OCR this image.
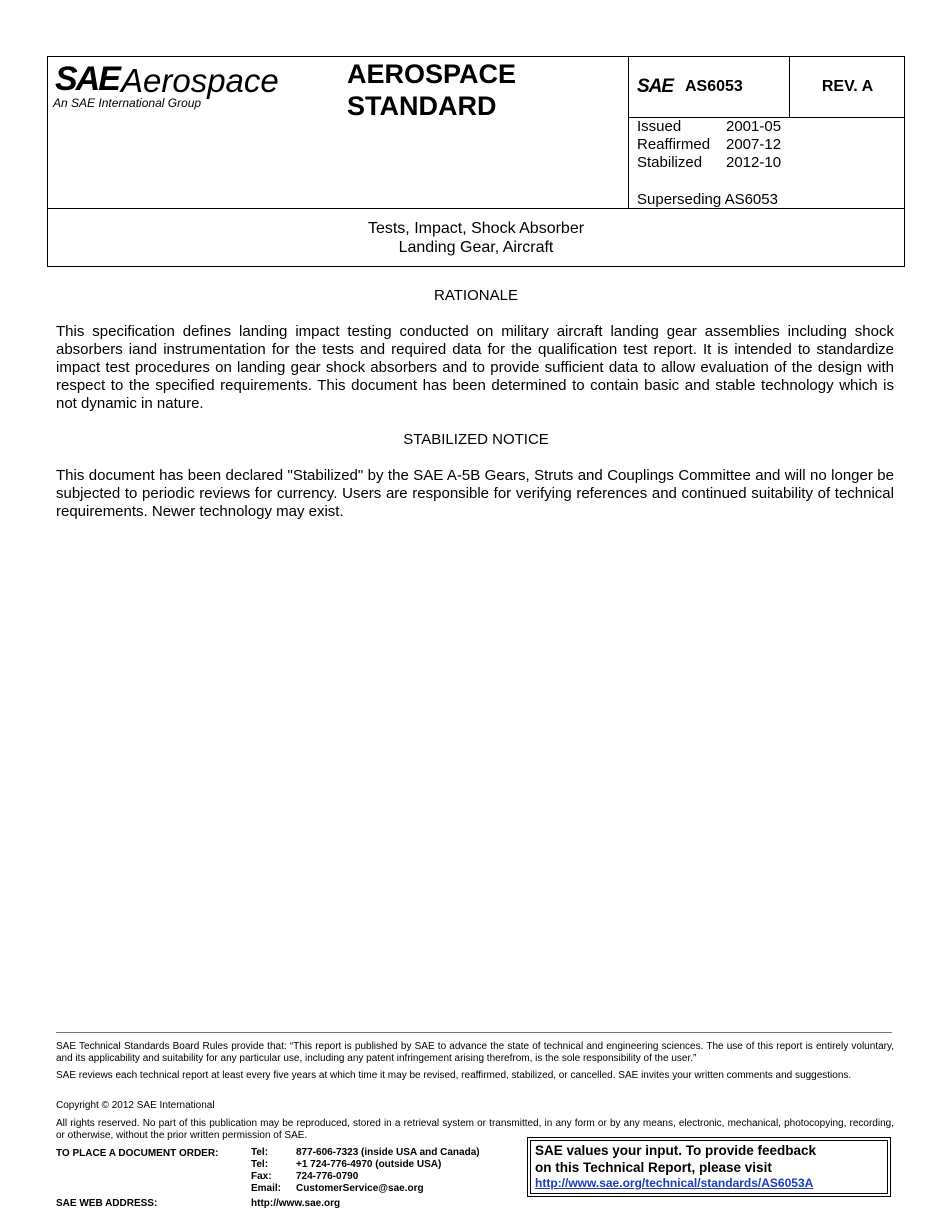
SAE Aerospace
An SAE International Group
AEROSPACE
STANDARD
SAE AS6053	REV. A
Issued	2001-05
Reaffirmed	2007-12
Stabilized	2012-10
Superseding AS6053
Tests, Impact, Shock Absorber
Landing Gear, Aircraft
RATIONALE
This specification defines landing impact testing conducted on military aircraft landing gear assemblies including shock absorbers iand instrumentation for the tests and required data for the qualification test report. It is intended to standardize impact test procedures on landing gear shock absorbers and to provide sufficient data to allow evaluation of the design with respect to the specified requirements. This document has been determined to contain basic and stable technology which is not dynamic in nature.
STABILIZED NOTICE
This document has been declared "Stabilized" by the SAE A-5B Gears, Struts and Couplings Committee and will no longer be subjected to periodic reviews for currency. Users are responsible for verifying references and continued suitability of technical requirements. Newer technology may exist.
SAE Technical Standards Board Rules provide that: “This report is published by SAE to advance the state of technical and engineering sciences. The use of this report is entirely voluntary, and its applicability and suitability for any particular use, including any patent infringement arising therefrom, is the sole responsibility of the user.”
SAE reviews each technical report at least every five years at which time it may be revised, reaffirmed, stabilized, or cancelled. SAE invites your written comments and suggestions.
Copyright © 2012 SAE International
All rights reserved. No part of this publication may be reproduced, stored in a retrieval system or transmitted, in any form or by any means, electronic, mechanical, photocopying, recording, or otherwise, without the prior written permission of SAE.
TO PLACE A DOCUMENT ORDER:	Tel:	877-606-7323 (inside USA and Canada)
Tel:	+1 724-776-4970 (outside USA)
Fax:	724-776-0790
Email:	CustomerService@sae.org
SAE WEB ADDRESS:	http://www.sae.org
SAE values your input. To provide feedback
on this Technical Report, please visit
http://www.sae.org/technical/standards/AS6053A
